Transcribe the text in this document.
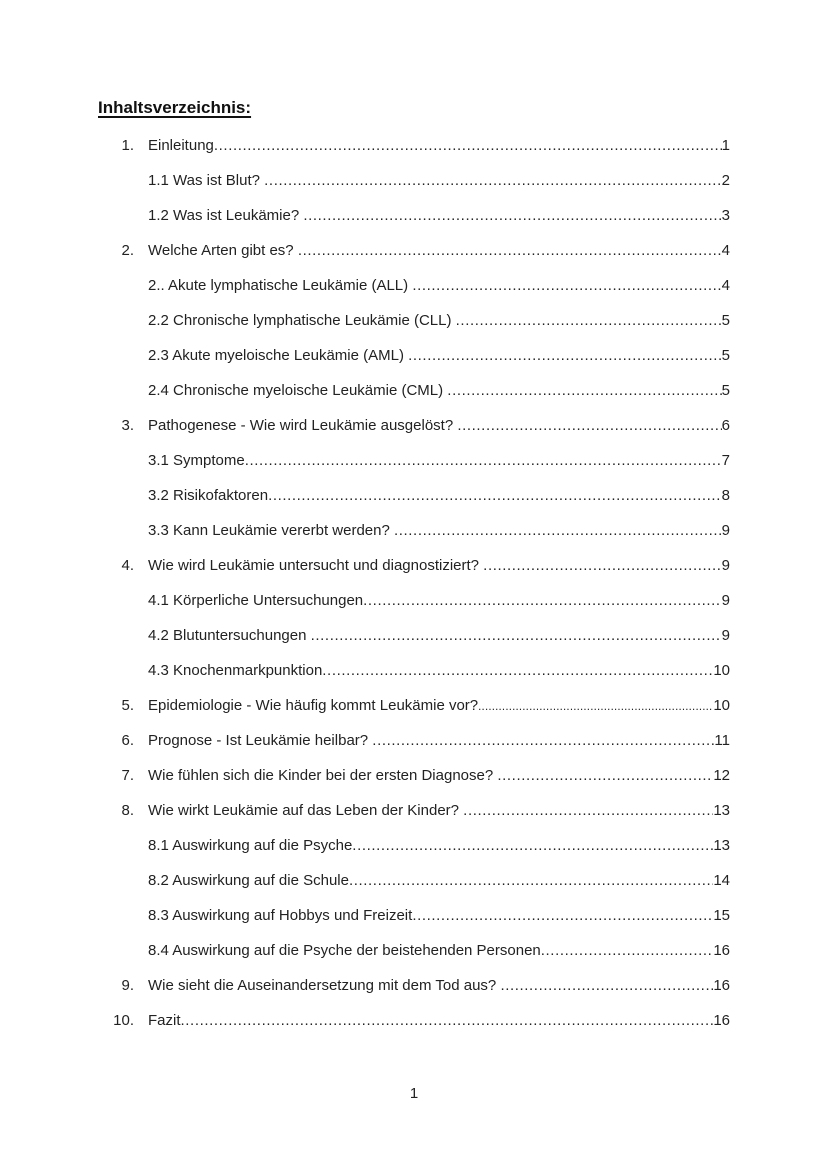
Inhaltsverzeichnis:
1. Einleitung .....	1
1.1 Was ist Blut? .....	2
1.2 Was ist Leukämie? .....	3
2. Welche Arten gibt es? .....	4
2.. Akute lymphatische Leukämie (ALL) .....	4
2.2 Chronische lymphatische Leukämie (CLL) .....	5
2.3 Akute myeloische Leukämie (AML) .....	5
2.4 Chronische myeloische Leukämie (CML) .....	5
3. Pathogenese - Wie wird Leukämie ausgelöst? .....	6
3.1 Symptome .....	7
3.2 Risikofaktoren .....	8
3.3 Kann Leukämie vererbt werden? .....	9
4. Wie wird Leukämie untersucht und diagnostiziert? .....	9
4.1 Körperliche Untersuchungen .....	9
4.2 Blutuntersuchungen .....	9
4.3 Knochenmarkpunktion .....	10
5. Epidemiologie - Wie häufig kommt Leukämie vor? .....	10
6. Prognose - Ist Leukämie heilbar? .....	11
7. Wie fühlen sich die Kinder bei der ersten Diagnose? .....	12
8. Wie wirkt Leukämie auf das Leben der Kinder? .....	13
8.1 Auswirkung auf die Psyche .....	13
8.2 Auswirkung auf die Schule .....	14
8.3 Auswirkung auf Hobbys und Freizeit .....	15
8.4 Auswirkung auf die Psyche der beistehenden Personen .....	16
9. Wie sieht die Auseinandersetzung mit dem Tod aus? .....	16
10. Fazit .....	16
1
